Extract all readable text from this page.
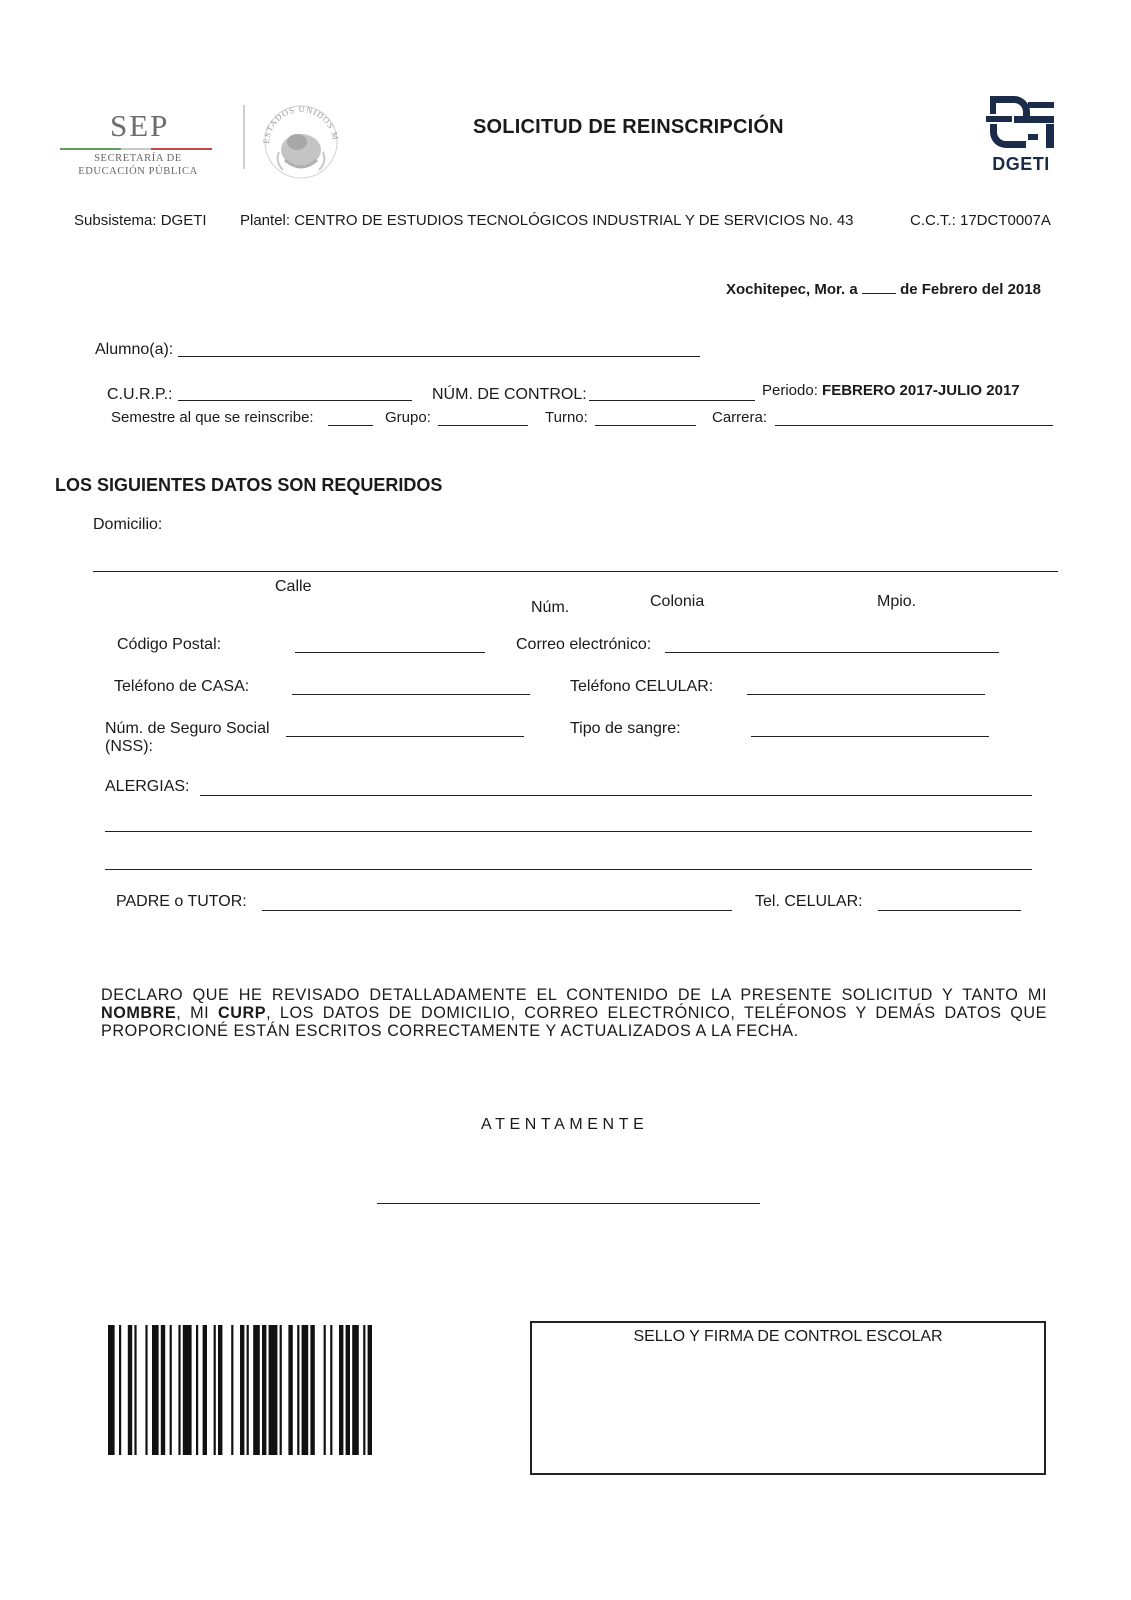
SEP
SECRETARÍA DE
EDUCACIÓN PÚBLICA
ESTADOS UNIDOS M	SOLICITUD DE REINSCRIPCIÓN
DGETI
Subsistema: DGETI Plantel: CENTRO DE ESTUDIOS TECNOLÓGICOS INDUSTRIAL Y DE SERVICIOS No. 43	C.C.T.: 17DCT0007A
Xochitepec, Mor. a	de Febrero del 2018
Alumno(a):
C.U.R.P.:	NÚM. DE CONTROL:	Periodo: FEBRERO 2017-JULIO 2017
Semestre al que se reinscribe:	Grupo:	Turno:	Carrera:
LOS SIGUIENTES DATOS SON REQUERIDOS
Domicilio:
Calle
Núm.	Colonia	Mpio.
Código Postal:	Correo electrónico:
Teléfono de CASA:	Teléfono CELULAR:
Núm. de Seguro Social
(NSS):
Tipo de sangre:
ALERGIAS:
PADRE o TUTOR:	Tel. CELULAR:
DECLARO QUE HE REVISADO DETALLADAMENTE EL CONTENIDO DE LA PRESENTE SOLICITUD Y TANTO MI NOMBRE, MI CURP, LOS DATOS DE DOMICILIO, CORREO ELECTRÓNICO, TELÉFONOS Y DEMÁS DATOS QUE PROPORCIONÉ ESTÁN ESCRITOS CORRECTAMENTE Y ACTUALIZADOS A LA FECHA.
ATENTAMENTE
SELLO Y FIRMA DE CONTROL ESCOLAR
